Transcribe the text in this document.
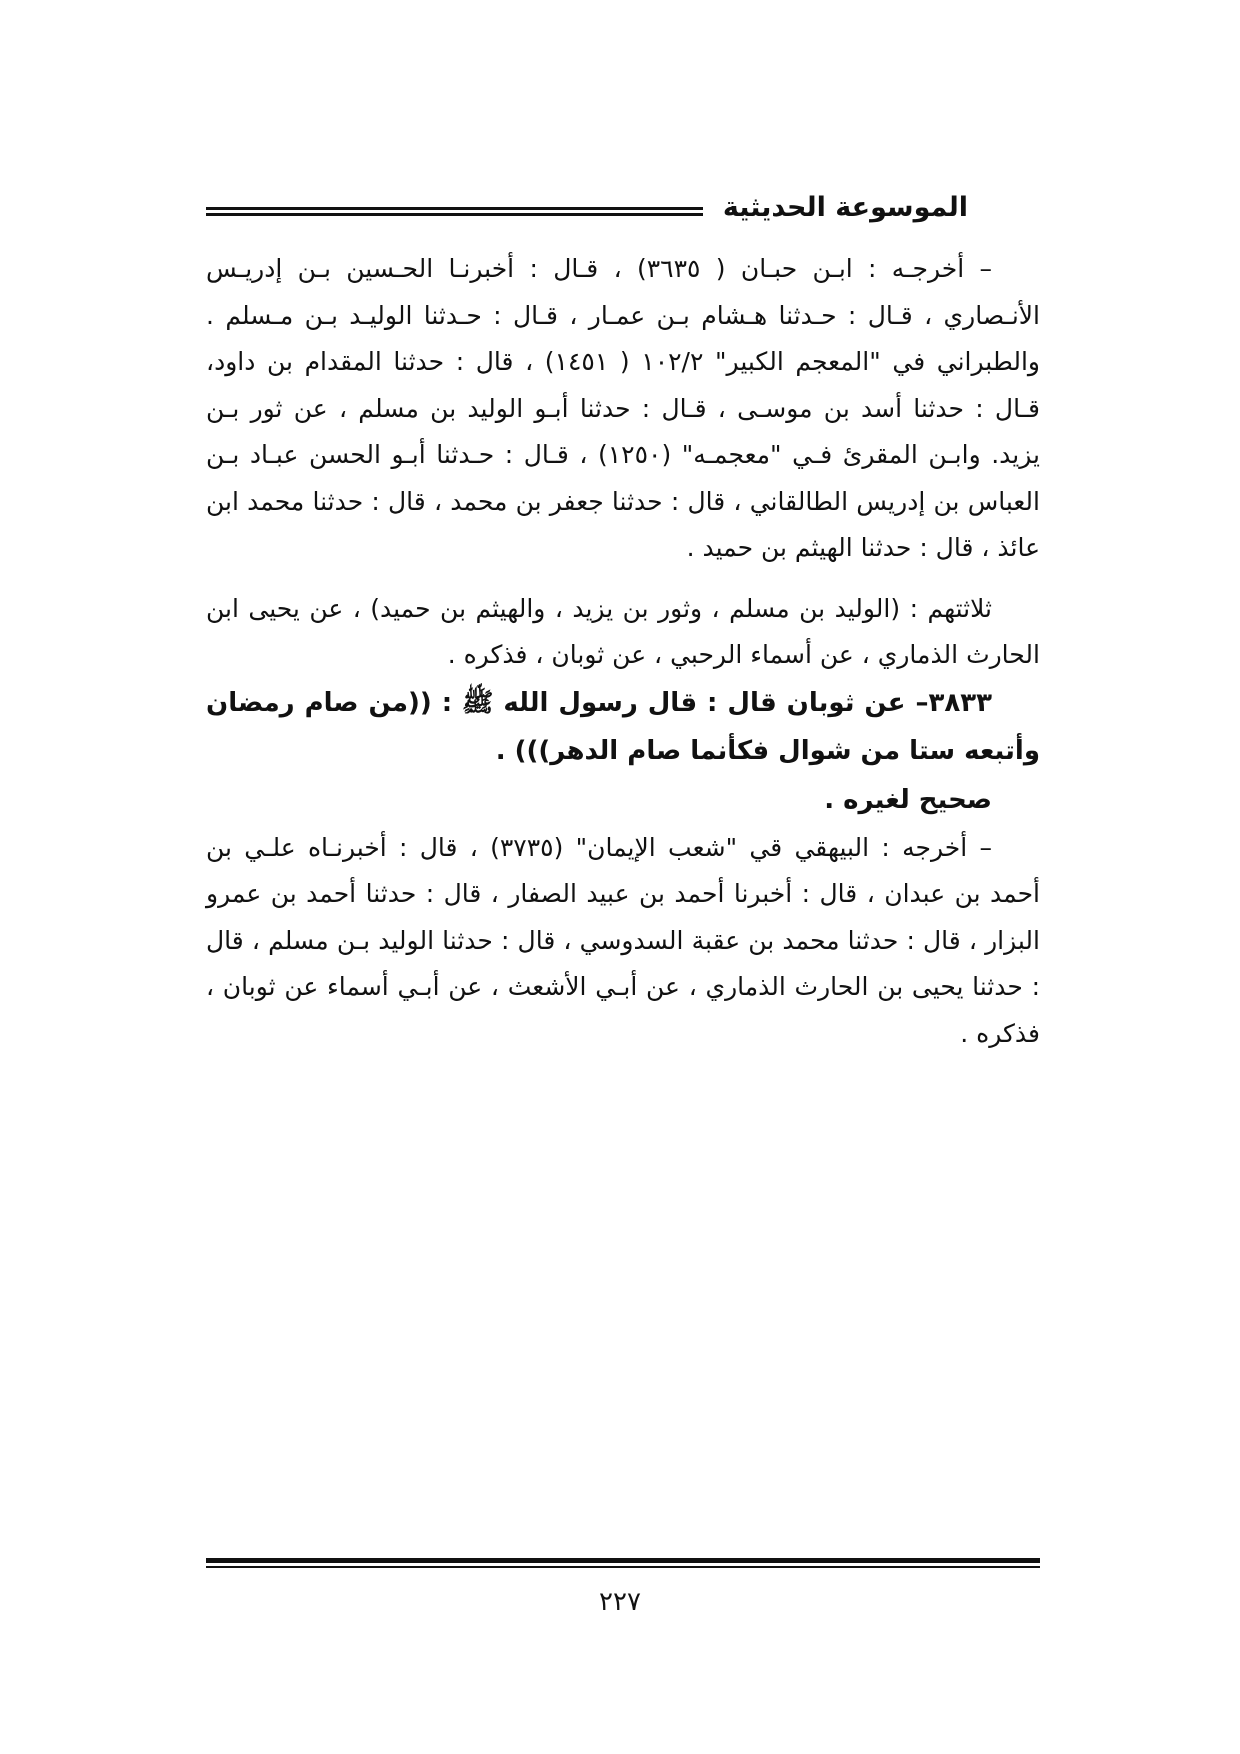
الموسوعة الحديثية

– أخرجـه : ابـن حبـان ( ٣٦٣٥) ، قـال : أخبرنـا الحـسين بـن إدريـس الأنـصاري ، قـال : حـدثنا هـشام بـن عمـار ، قـال : حـدثنا الوليـد بـن مـسلم . والطبراني في "المعجم الكبير" ١٠٢/٢ ( ١٤٥١) ، قال : حدثنا المقدام بن داود، قـال : حدثنا أسد بن موسـى ، قـال : حدثنا أبـو الوليد بن مسلم ، عن ثور بـن يزيد. وابـن المقرئ فـي "معجمـه" (١٢٥٠) ، قـال : حـدثنا أبـو الحسن عبـاد بـن العباس بن إدريس الطالقاني ، قال : حدثنا جعفر بن محمد ، قال : حدثنا محمد ابن عائذ ، قال : حدثنا الهيثم بن حميد .

ثلاثتهم : (الوليد بن مسلم ، وثور بن يزيد ، والهيثم بن حميد) ، عن يحيى ابن الحارث الذماري ، عن أسماء الرحبي ، عن ثوبان ، فذكره .

٣٨٣٣– عن ثوبان قال : قال رسول الله ﷺ : ((من صام رمضان وأتبعه ستا من شوال فكأنما صام الدهر))) .

صحيح لغيره .

– أخرجه : البيهقي قي "شعب الإيمان" (٣٧٣٥) ، قال : أخبرنـاه علـي بن أحمد بن عبدان ، قال : أخبرنا أحمد بن عبيد الصفار ، قال : حدثنا أحمد بن عمرو البزار ، قال : حدثنا محمد بن عقبة السدوسي ، قال : حدثنا الوليد بـن مسلم ، قال : حدثنا يحيى بن الحارث الذماري ، عن أبـي الأشعث ، عن أبـي أسماء عن ثوبان ، فذكره .

٢٢٧
